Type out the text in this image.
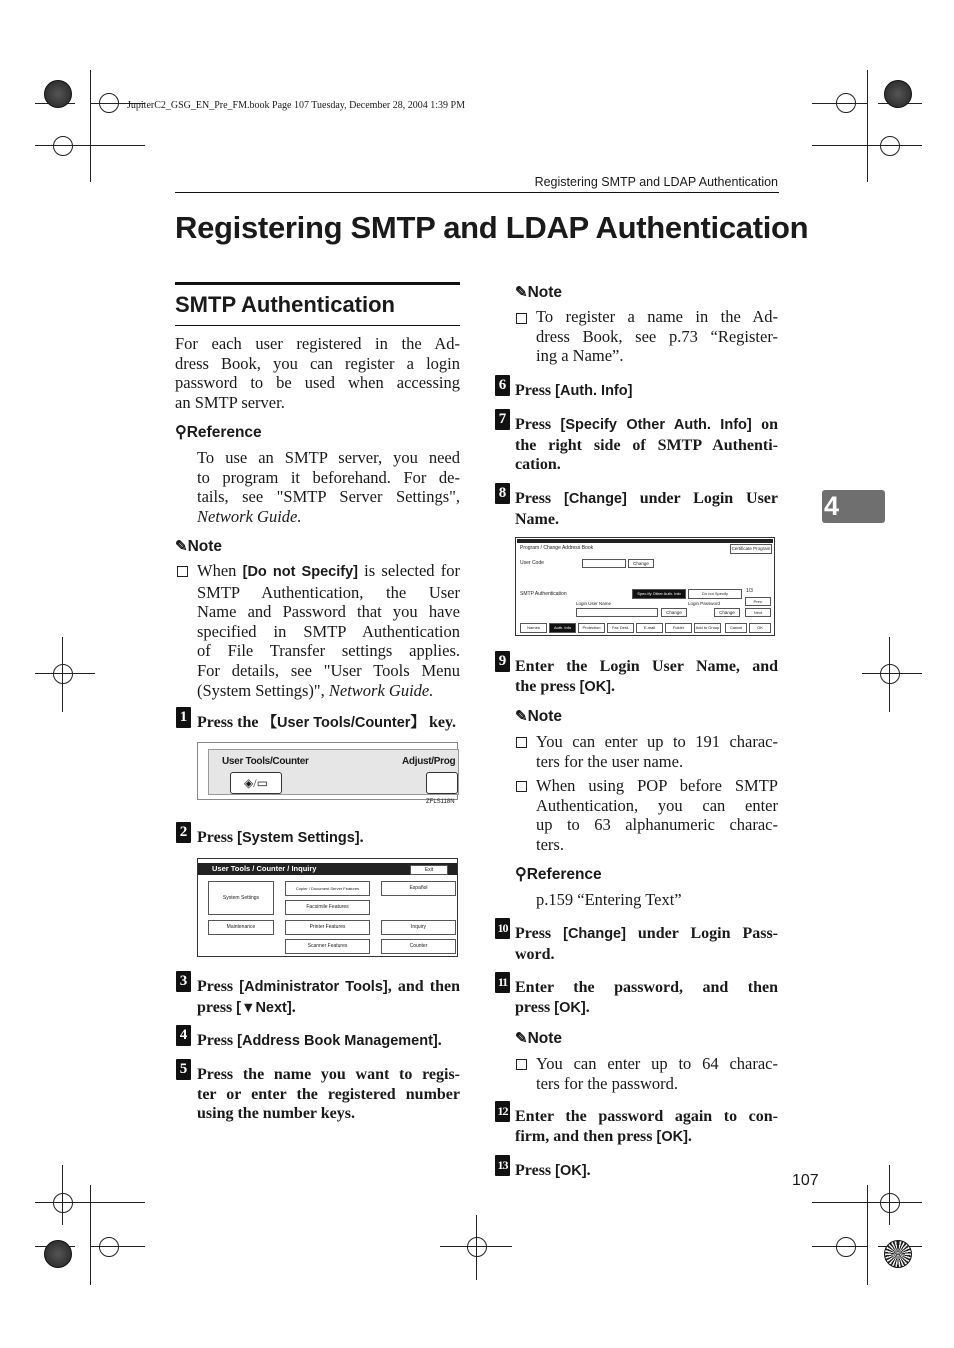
JupiterC2_GSG_EN_Pre_FM.book Page 107 Tuesday, December 28, 2004 1:39 PM
Registering SMTP and LDAP Authentication
Registering SMTP and LDAP Authentication
4
SMTP Authentication
For each user registered in the Ad-
dress Book, you can register a login
password to be used when accessing
an SMTP server.
⚲Reference
To use an SMTP server, you need
to program it beforehand. For de-
tails, see "SMTP Server Settings",
Network Guide.
✎Note
When [Do not Specify] is selected for
SMTP Authentication, the User
Name and Password that you have
specified in SMTP Authentication
of File Transfer settings applies.
For details, see "User Tools Menu
(System Settings)", Network Guide.
1 Press the 【User Tools/Counter】 key.
User Tools/Counter	Adjust/Prog
◈/▭
ZFLS118N
2 Press [System Settings].
User Tools / Counter / Inquiry	Exit
System Settings
Copier / Document Server Features	Español
Facsimile Features
Maintenance	Printer Features	Inquiry
Scanner Features	Counter
3 Press [Administrator Tools], and then
press [▼Next].
4 Press [Address Book Management].
5 Press the name you want to regis-
ter or enter the registered number
using the number keys.
✎Note
To register a name in the Ad-
dress Book, see p.73 “Register-
ing a Name”.
6 Press [Auth. Info]
7 Press [Specify Other Auth. Info] on
the right side of SMTP Authenti-
cation.
8 Press [Change] under Login User
Name.
Program / Change Address Book	Certificate Program
User Code	Change
SMTP Authentication	Spec.Ify Other Auth. Info	Do not Specify	1/3
Prev.
Next
Login User Name
Change
Login Password
Change
Names	Auth. Info	Protection	Fax Dest.	E-mail	Folder	Add to Group	Cancel	OK
9 Enter the Login User Name, and
the press [OK].
✎Note
You can enter up to 191 charac-
ters for the user name.
When using POP before SMTP
Authentication, you can enter
up to 63 alphanumeric charac-
ters.
⚲Reference
p.159 “Entering Text”
10 Press [Change] under Login Pass-
word.
11 Enter the password, and then
press [OK].
✎Note
You can enter up to 64 charac-
ters for the password.
12 Enter the password again to con-
firm, and then press [OK].
13 Press [OK].
107
